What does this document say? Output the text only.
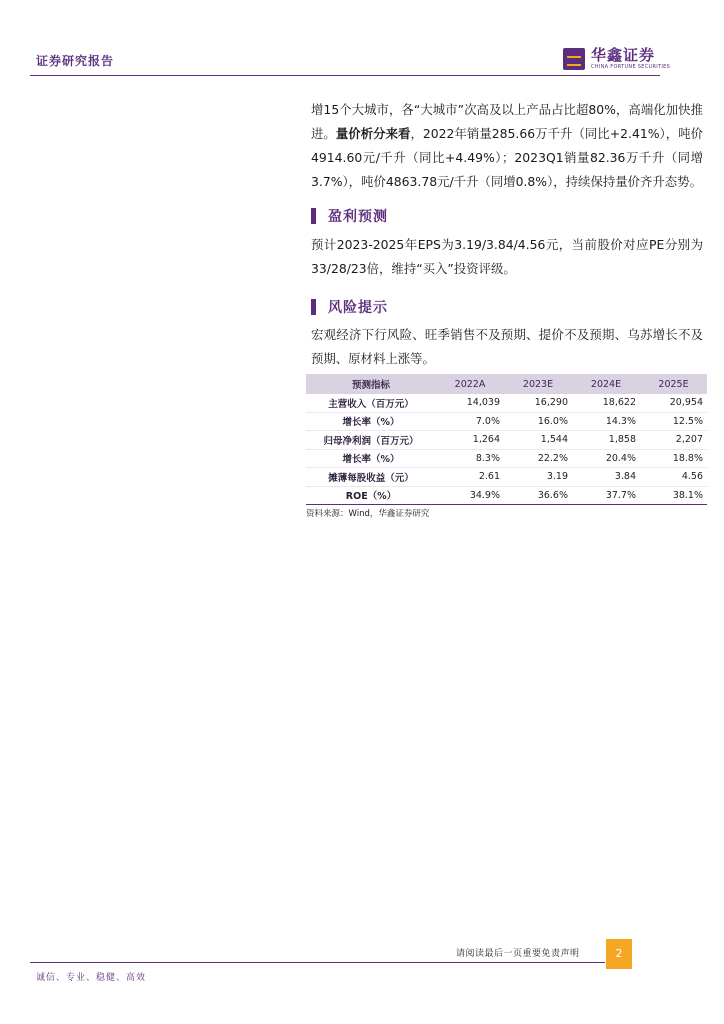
证券研究报告	华鑫证券
CHINA FORTUNE SECURITIES

增15个大城市，各“大城市”次高及以上产品占比超80%，高端化加快推进。量价析分来看，2022年销量285.66万千升（同比+2.41%），吨价4914.60元/千升（同比+4.49%）；2023Q1销量82.36万千升（同增3.7%），吨价4863.78元/千升（同增0.8%），持续保持量价齐升态势。

盈利预测

预计2023-2025年EPS为3.19/3.84/4.56元，当前股价对应PE分别为33/28/23倍，维持“买入”投资评级。

风险提示

宏观经济下行风险、旺季销售不及预期、提价不及预期、乌苏增长不及预期、原材料上涨等。

预测指标	2022A	2023E	2024E	2025E
主营收入（百万元）	14,039	16,290	18,622	20,954
增长率（%）	7.0%	16.0%	14.3%	12.5%
归母净利润（百万元）	1,264	1,544	1,858	2,207
增长率（%）	8.3%	22.2%	20.4%	18.8%
摊薄每股收益（元）	2.61	3.19	3.84	4.56
ROE（%）	34.9%	36.6%	37.7%	38.1%
资料来源：Wind，华鑫证券研究
请阅读最后一页重要免责声明	2
诚信、专业、稳健、高效
